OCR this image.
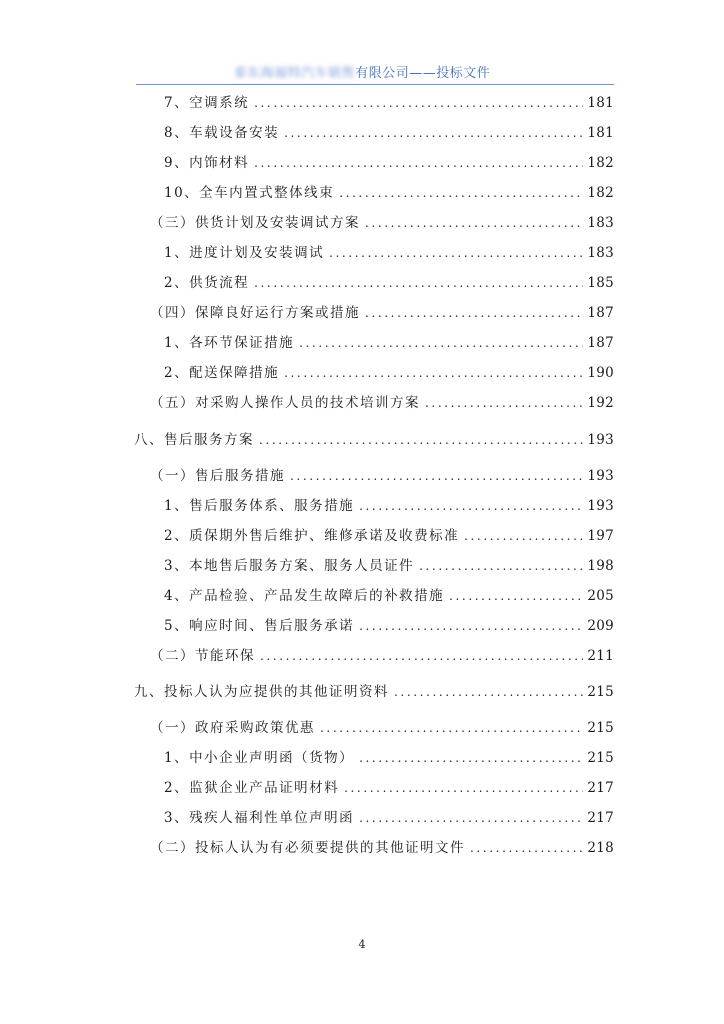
泰东海福特汽车销售有限公司——投标文件
7、空调系统 .....	181
8、车载设备安装 .....	181
9、内饰材料 .....	182
10、全车内置式整体线束 .....	182
（三）供货计划及安装调试方案 .....	183
1、进度计划及安装调试 .....	183
2、供货流程 .....	185
（四）保障良好运行方案或措施 .....	187
1、各环节保证措施 .....	187
2、配送保障措施 .....	190
（五）对采购人操作人员的技术培训方案 .....	192
八、售后服务方案 .....	193
（一）售后服务措施 .....	193
1、售后服务体系、服务措施 .....	193
2、质保期外售后维护、维修承诺及收费标准 .....	197
3、本地售后服务方案、服务人员证件 .....	198
4、产品检验、产品发生故障后的补救措施 .....	205
5、响应时间、售后服务承诺 .....	209
（二）节能环保 .....	211
九、投标人认为应提供的其他证明资料 .....	215
（一）政府采购政策优惠 .....	215
1、中小企业声明函（货物） .....	215
2、监狱企业产品证明材料 .....	217
3、残疾人福利性单位声明函 .....	217
（二）投标人认为有必须要提供的其他证明文件 .....	218
4
